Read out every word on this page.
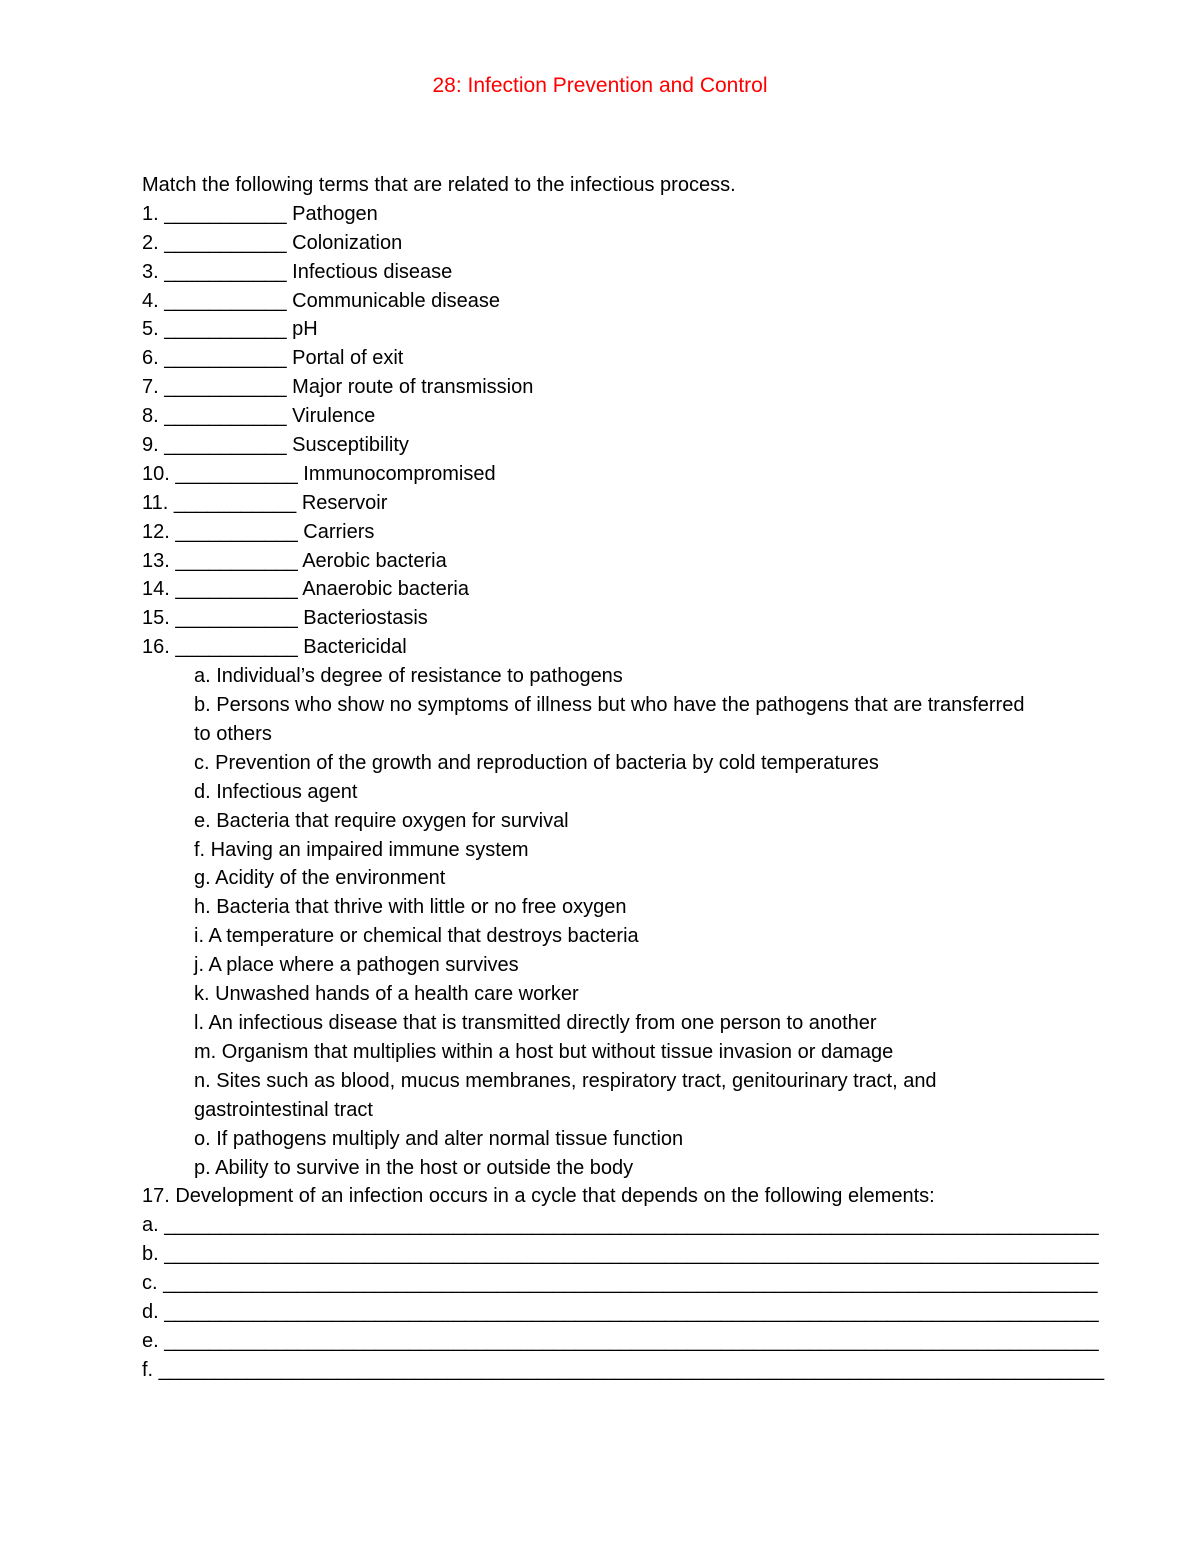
28: Infection Prevention and Control
Match the following terms that are related to the infectious process.
1. ___________ Pathogen
2. ___________ Colonization
3. ___________ Infectious disease
4. ___________ Communicable disease
5. ___________ pH
6. ___________ Portal of exit
7. ___________ Major route of transmission
8. ___________ Virulence
9. ___________ Susceptibility
10. ___________ Immunocompromised
11. ___________ Reservoir
12. ___________ Carriers
13. ___________ Aerobic bacteria
14. ___________ Anaerobic bacteria
15. ___________ Bacteriostasis
16. ___________ Bactericidal
a. Individual’s degree of resistance to pathogens
b. Persons who show no symptoms of illness but who have the pathogens that are transferred to others
c. Prevention of the growth and reproduction of bacteria by cold temperatures
d. Infectious agent
e. Bacteria that require oxygen for survival
f. Having an impaired immune system
g. Acidity of the environment
h. Bacteria that thrive with little or no free oxygen
i. A temperature or chemical that destroys bacteria
j. A place where a pathogen survives
k. Unwashed hands of a health care worker
l. An infectious disease that is transmitted directly from one person to another
m. Organism that multiplies within a host but without tissue invasion or damage
n. Sites such as blood, mucus membranes, respiratory tract, genitourinary tract, and gastrointestinal tract
o. If pathogens multiply and alter normal tissue function
p. Ability to survive in the host or outside the body
17. Development of an infection occurs in a cycle that depends on the following elements:
a. ____________________________________________________________________________________
b. ____________________________________________________________________________________
c. ____________________________________________________________________________________
d. ____________________________________________________________________________________
e. ____________________________________________________________________________________
f. _____________________________________________________________________________________
